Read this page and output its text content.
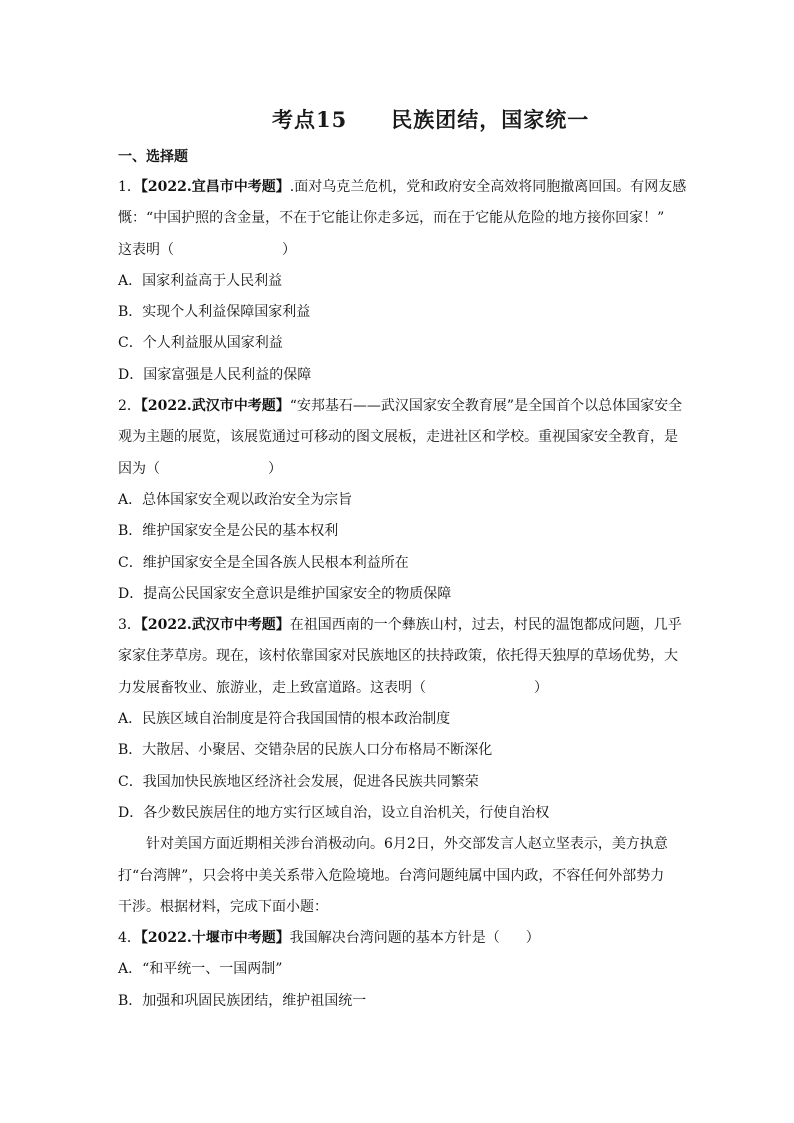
考点15 民族团结，国家统一
一、选择题
1．【2022.宜昌市中考题】.面对乌克兰危机，党和政府安全高效将同胞撤离回国。有网友感
慨：“中国护照的含金量，不在于它能让你走多远，而在于它能从危险的地方接你回家！”
这表明（	）
A．国家利益高于人民利益
B．实现个人利益保障国家利益
C．个人利益服从国家利益
D．国家富强是人民利益的保障
2．【2022.武汉市中考题】“安邦基石——武汉国家安全教育展”是全国首个以总体国家安全
观为主题的展览，该展览通过可移动的图文展板，走进社区和学校。重视国家安全教育，是
因为（	）
A．总体国家安全观以政治安全为宗旨
B．维护国家安全是公民的基本权利
C．维护国家安全是全国各族人民根本利益所在
D．提高公民国家安全意识是维护国家安全的物质保障
3．【2022.武汉市中考题】在祖国西南的一个彝族山村，过去，村民的温饱都成问题，几乎
家家住茅草房。现在，该村依靠国家对民族地区的扶持政策，依托得天独厚的草场优势，大
力发展畜牧业、旅游业，走上致富道路。这表明（	）
A．民族区域自治制度是符合我国国情的根本政治制度
B．大散居、小聚居、交错杂居的民族人口分布格局不断深化
C．我国加快民族地区经济社会发展，促进各民族共同繁荣
D．各少数民族居住的地方实行区域自治，设立自治机关，行使自治权
针对美国方面近期相关涉台消极动向。6月2日，外交部发言人赵立坚表示，美方执意
打“台湾牌”，只会将中美关系带入危险境地。台湾问题纯属中国内政，不容任何外部势力
干涉。根据材料，完成下面小题：
4．【2022.十堰市中考题】我国解决台湾问题的基本方针是（ ）
A．“和平统一、一国两制”
B．加强和巩固民族团结，维护祖国统一
